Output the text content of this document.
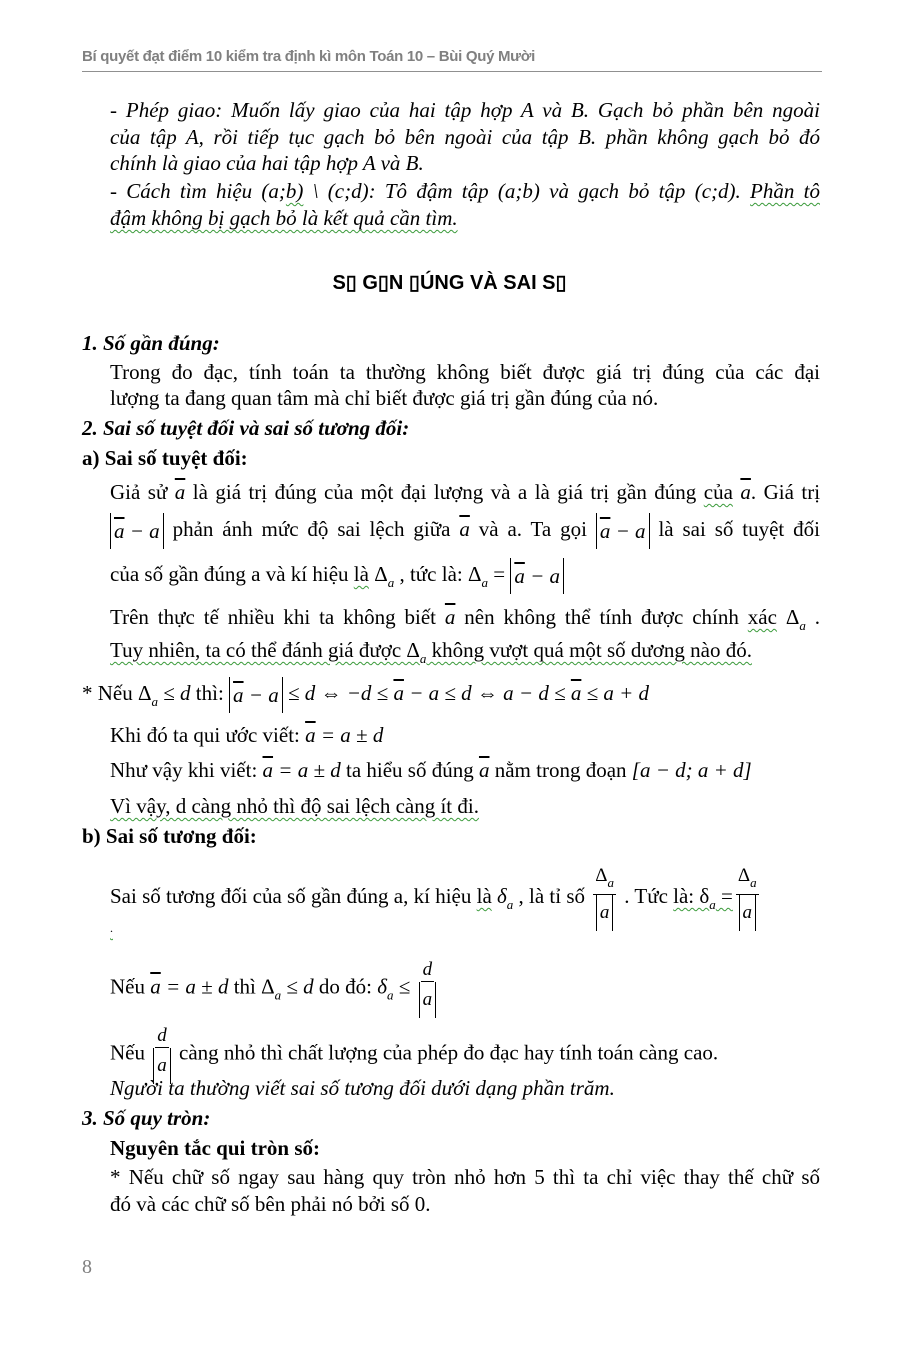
Bí quyết đạt điểm 10 kiểm tra định kì môn Toán 10 – Bùi Quý Mười
- Phép giao: Muốn lấy giao của hai tập hợp A và B. Gạch bỏ phần bên ngoài
của tập A, rồi tiếp tục gạch bỏ bên ngoài của tập B. phần không gạch bỏ đó
chính là giao của hai tập hợp A và B.
- Cách tìm hiệu (a;b) \ (c;d): Tô đậm tập (a;b) và gạch bỏ tập (c;d). Phần tô
đậm không bị gạch bỏ là kết quả cần tìm.
S▯ G▯N ▯ÚNG VÀ SAI S▯
1. Số gần đúng:
Trong đo đạc, tính toán ta thường không biết được giá trị đúng của các đại
lượng ta đang quan tâm mà chỉ biết được giá trị gần đúng của nó.
2. Sai số tuyệt đối và sai số tương đối:
a) Sai số tuyệt đối:
Giả sử $\overline{a}$ là giá trị đúng của một đại lượng và a là giá trị gần đúng của $\overline{a}$. Giá trị
$\overline{a} - a$ phản ánh mức độ sai lệch giữa $\overline{a}$ và a. Ta gọi $\overline{a} - a$ là sai số tuyệt đối
của số gần đúng a và kí hiệu là $\Delta_a$ , tức là: $\Delta_a = \overline{a} - a$
Trên thực tế nhiều khi ta không biết $\overline{a}$ nên không thể tính được chính xác $\Delta_a$ .
Tuy nhiên, ta có thể đánh giá được $\Delta_a$ không vượt quá một số dương nào đó.
* Nếu $\Delta_a \le d$ thì: $\overline{a} - a \le d$ ⇔ $-d \le \overline{a} - a \le d$ ⇔ $a - d \le \overline{a} \le a + d$
Khi đó ta qui ước viết: $\overline{a} = a \pm d$
Như vậy khi viết: $\overline{a} = a \pm d$ ta hiểu số đúng $\overline{a}$ nằm trong đoạn [a − d; a + d]
Vì vậy, d càng nhỏ thì độ sai lệch càng ít đi.
b) Sai số tương đối:
Sai số tương đối của số gần đúng a, kí hiệu là $\delta_a$ , là tỉ số $\frac{\Delta_a}{a}$ . Tức là: $\delta_a = \frac{\Delta_a}{a}$
.
Nếu $\overline{a} = a \pm d$ thì $\Delta_a \le d$ do đó: $\delta_a \le \frac{d}{a}$
Nếu $\frac{d}{a}$ càng nhỏ thì chất lượng của phép đo đạc hay tính toán càng cao.
Người ta thường viết sai số tương đối dưới dạng phần trăm.
3. Số quy tròn:
Nguyên tắc qui tròn số:
* Nếu chữ số ngay sau hàng quy tròn nhỏ hơn 5 thì ta chỉ việc thay thế chữ số
đó và các chữ số bên phải nó bởi số 0.
8
